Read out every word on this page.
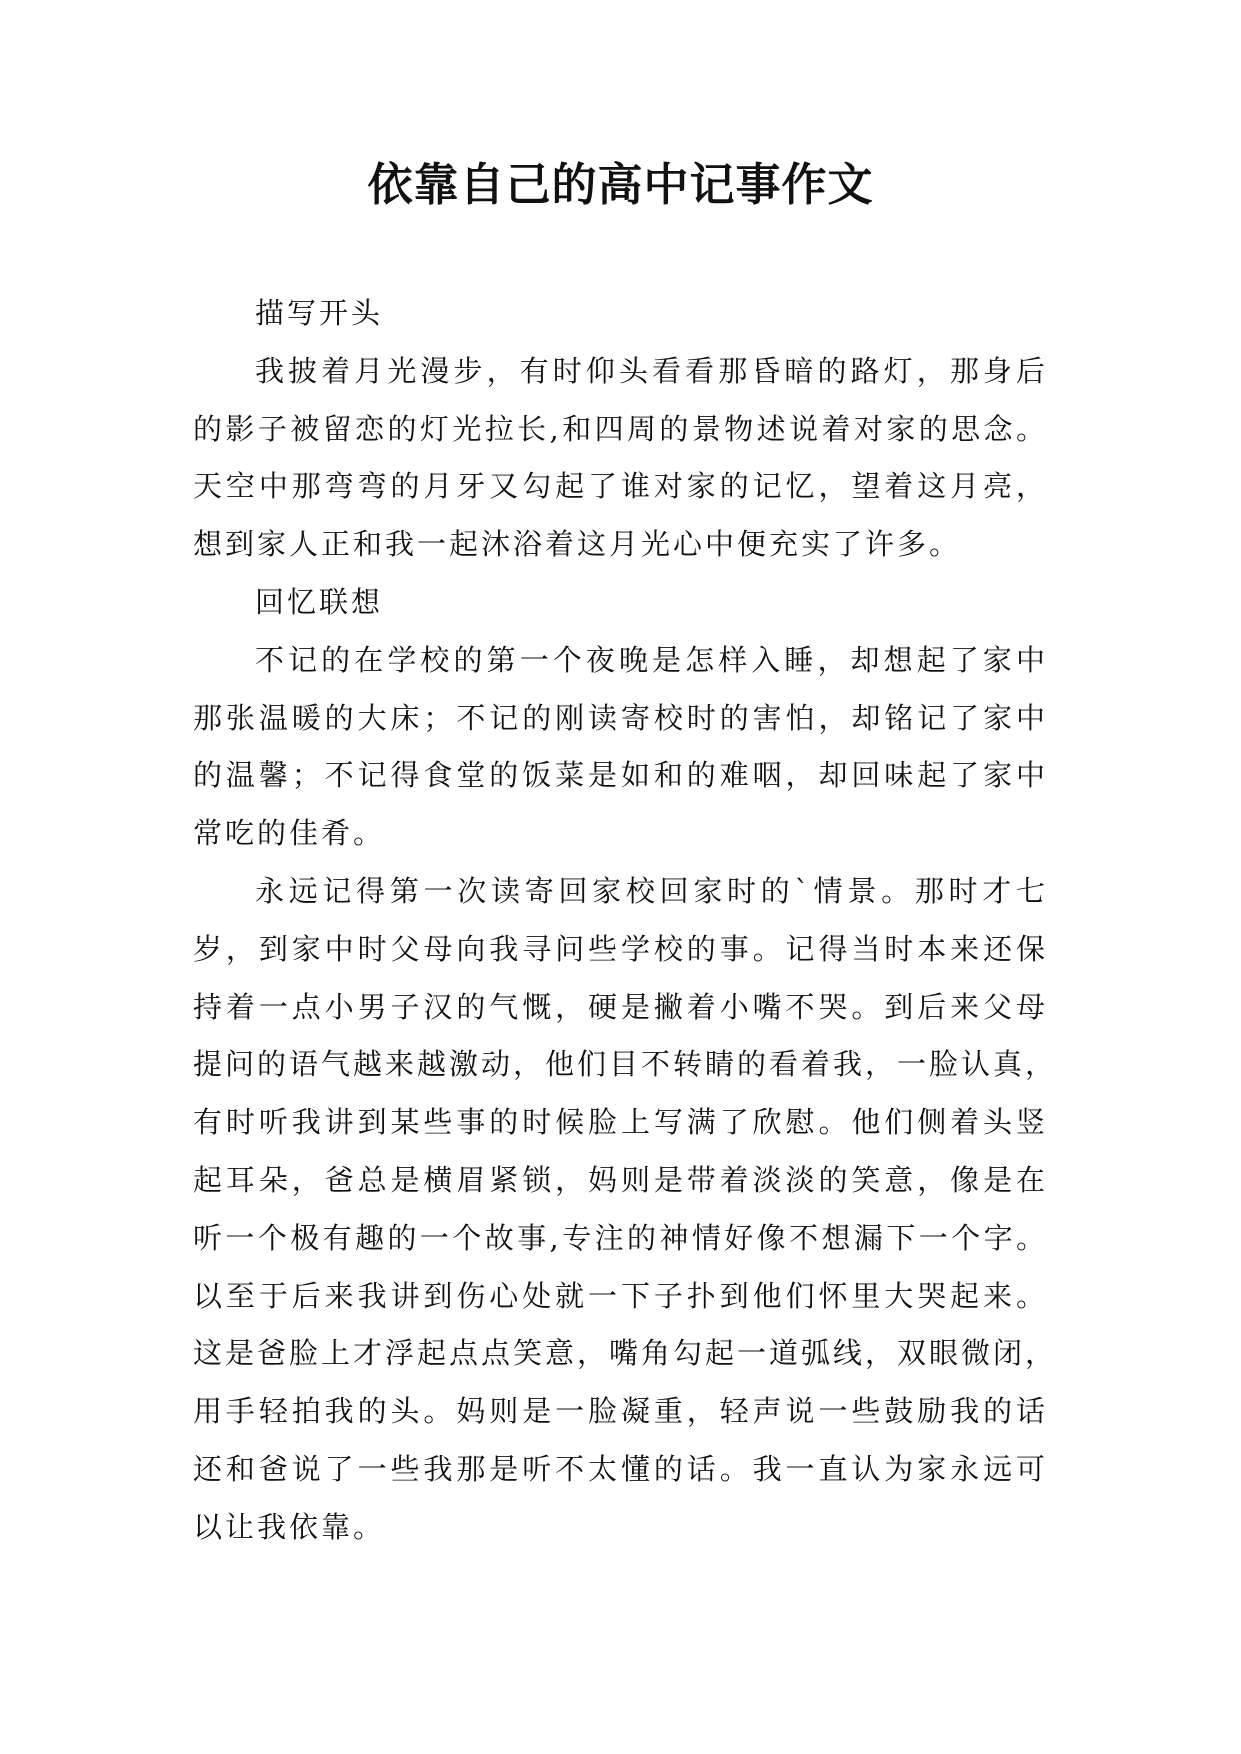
依靠自己的高中记事作文
描写开头
我披着月光漫步，有时仰头看看那昏暗的路灯，那身后
的影子被留恋的灯光拉长,和四周的景物述说着对家的思念。
天空中那弯弯的月牙又勾起了谁对家的记忆，望着这月亮，
想到家人正和我一起沐浴着这月光心中便充实了许多。
回忆联想
不记的在学校的第一个夜晚是怎样入睡，却想起了家中
那张温暖的大床；不记的刚读寄校时的害怕，却铭记了家中
的温馨；不记得食堂的饭菜是如和的难咽，却回味起了家中
常吃的佳肴。
永远记得第一次读寄回家校回家时的`情景。那时才七
岁，到家中时父母向我寻问些学校的事。记得当时本来还保
持着一点小男子汉的气慨，硬是撇着小嘴不哭。到后来父母
提问的语气越来越激动，他们目不转睛的看着我，一脸认真，
有时听我讲到某些事的时候脸上写满了欣慰。他们侧着头竖
起耳朵，爸总是横眉紧锁，妈则是带着淡淡的笑意，像是在
听一个极有趣的一个故事,专注的神情好像不想漏下一个字。
以至于后来我讲到伤心处就一下子扑到他们怀里大哭起来。
这是爸脸上才浮起点点笑意，嘴角勾起一道弧线，双眼微闭，
用手轻拍我的头。妈则是一脸凝重，轻声说一些鼓励我的话
还和爸说了一些我那是听不太懂的话。我一直认为家永远可
以让我依靠。
